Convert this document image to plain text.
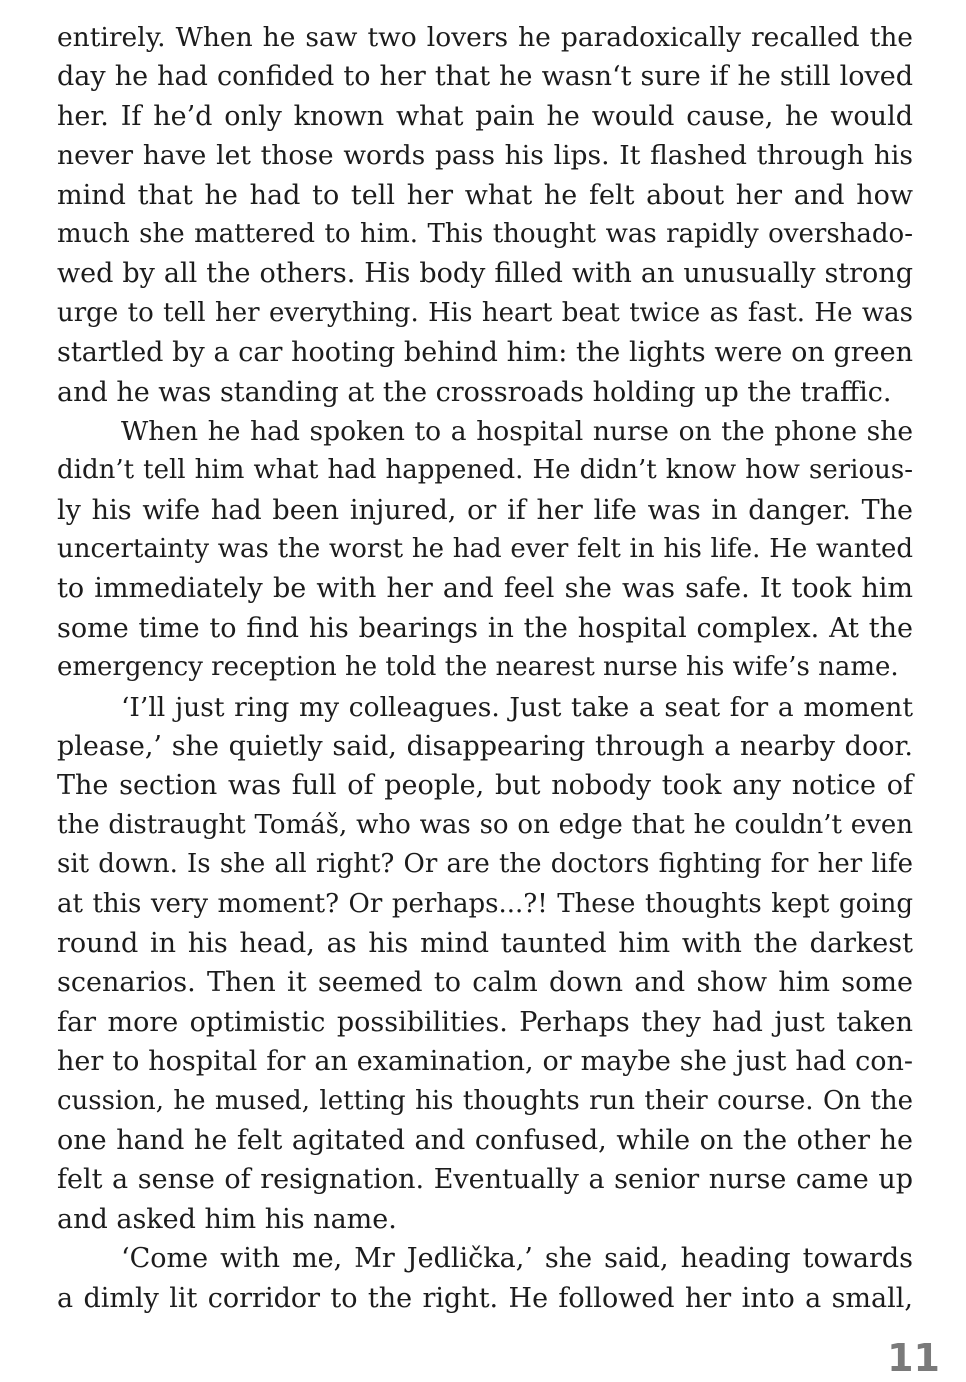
entirely. When he saw two lovers he paradoxically recalled the
day he had confided to her that he wasn‘t sure if he still loved
her. If he’d only known what pain he would cause, he would
never have let those words pass his lips. It flashed through his
mind that he had to tell her what he felt about her and how
much she mattered to him. This thought was rapidly overshado-
wed by all the others. His body filled with an unusually strong
urge to tell her everything. His heart beat twice as fast. He was
startled by a car hooting behind him: the lights were on green
and he was standing at the crossroads holding up the traffic.
When he had spoken to a hospital nurse on the phone she
didn’t tell him what had happened. He didn’t know how serious-
ly his wife had been injured, or if her life was in danger. The
uncertainty was the worst he had ever felt in his life. He wanted
to immediately be with her and feel she was safe. It took him
some time to find his bearings in the hospital complex. At the
emergency reception he told the nearest nurse his wife’s name.
‘I’ll just ring my colleagues. Just take a seat for a moment
please,’ she quietly said, disappearing through a nearby door.
The section was full of people, but nobody took any notice of
the distraught Tomáš, who was so on edge that he couldn’t even
sit down. Is she all right? Or are the doctors fighting for her life
at this very moment? Or perhaps...?! These thoughts kept going
round in his head, as his mind taunted him with the darkest
scenarios. Then it seemed to calm down and show him some
far more optimistic possibilities. Perhaps they had just taken
her to hospital for an examination, or maybe she just had con-
cussion, he mused, letting his thoughts run their course. On the
one hand he felt agitated and confused, while on the other he
felt a sense of resignation. Eventually a senior nurse came up
and asked him his name.
‘Come with me, Mr Jedlička,’ she said, heading towards
a dimly lit corridor to the right. He followed her into a small,
11
